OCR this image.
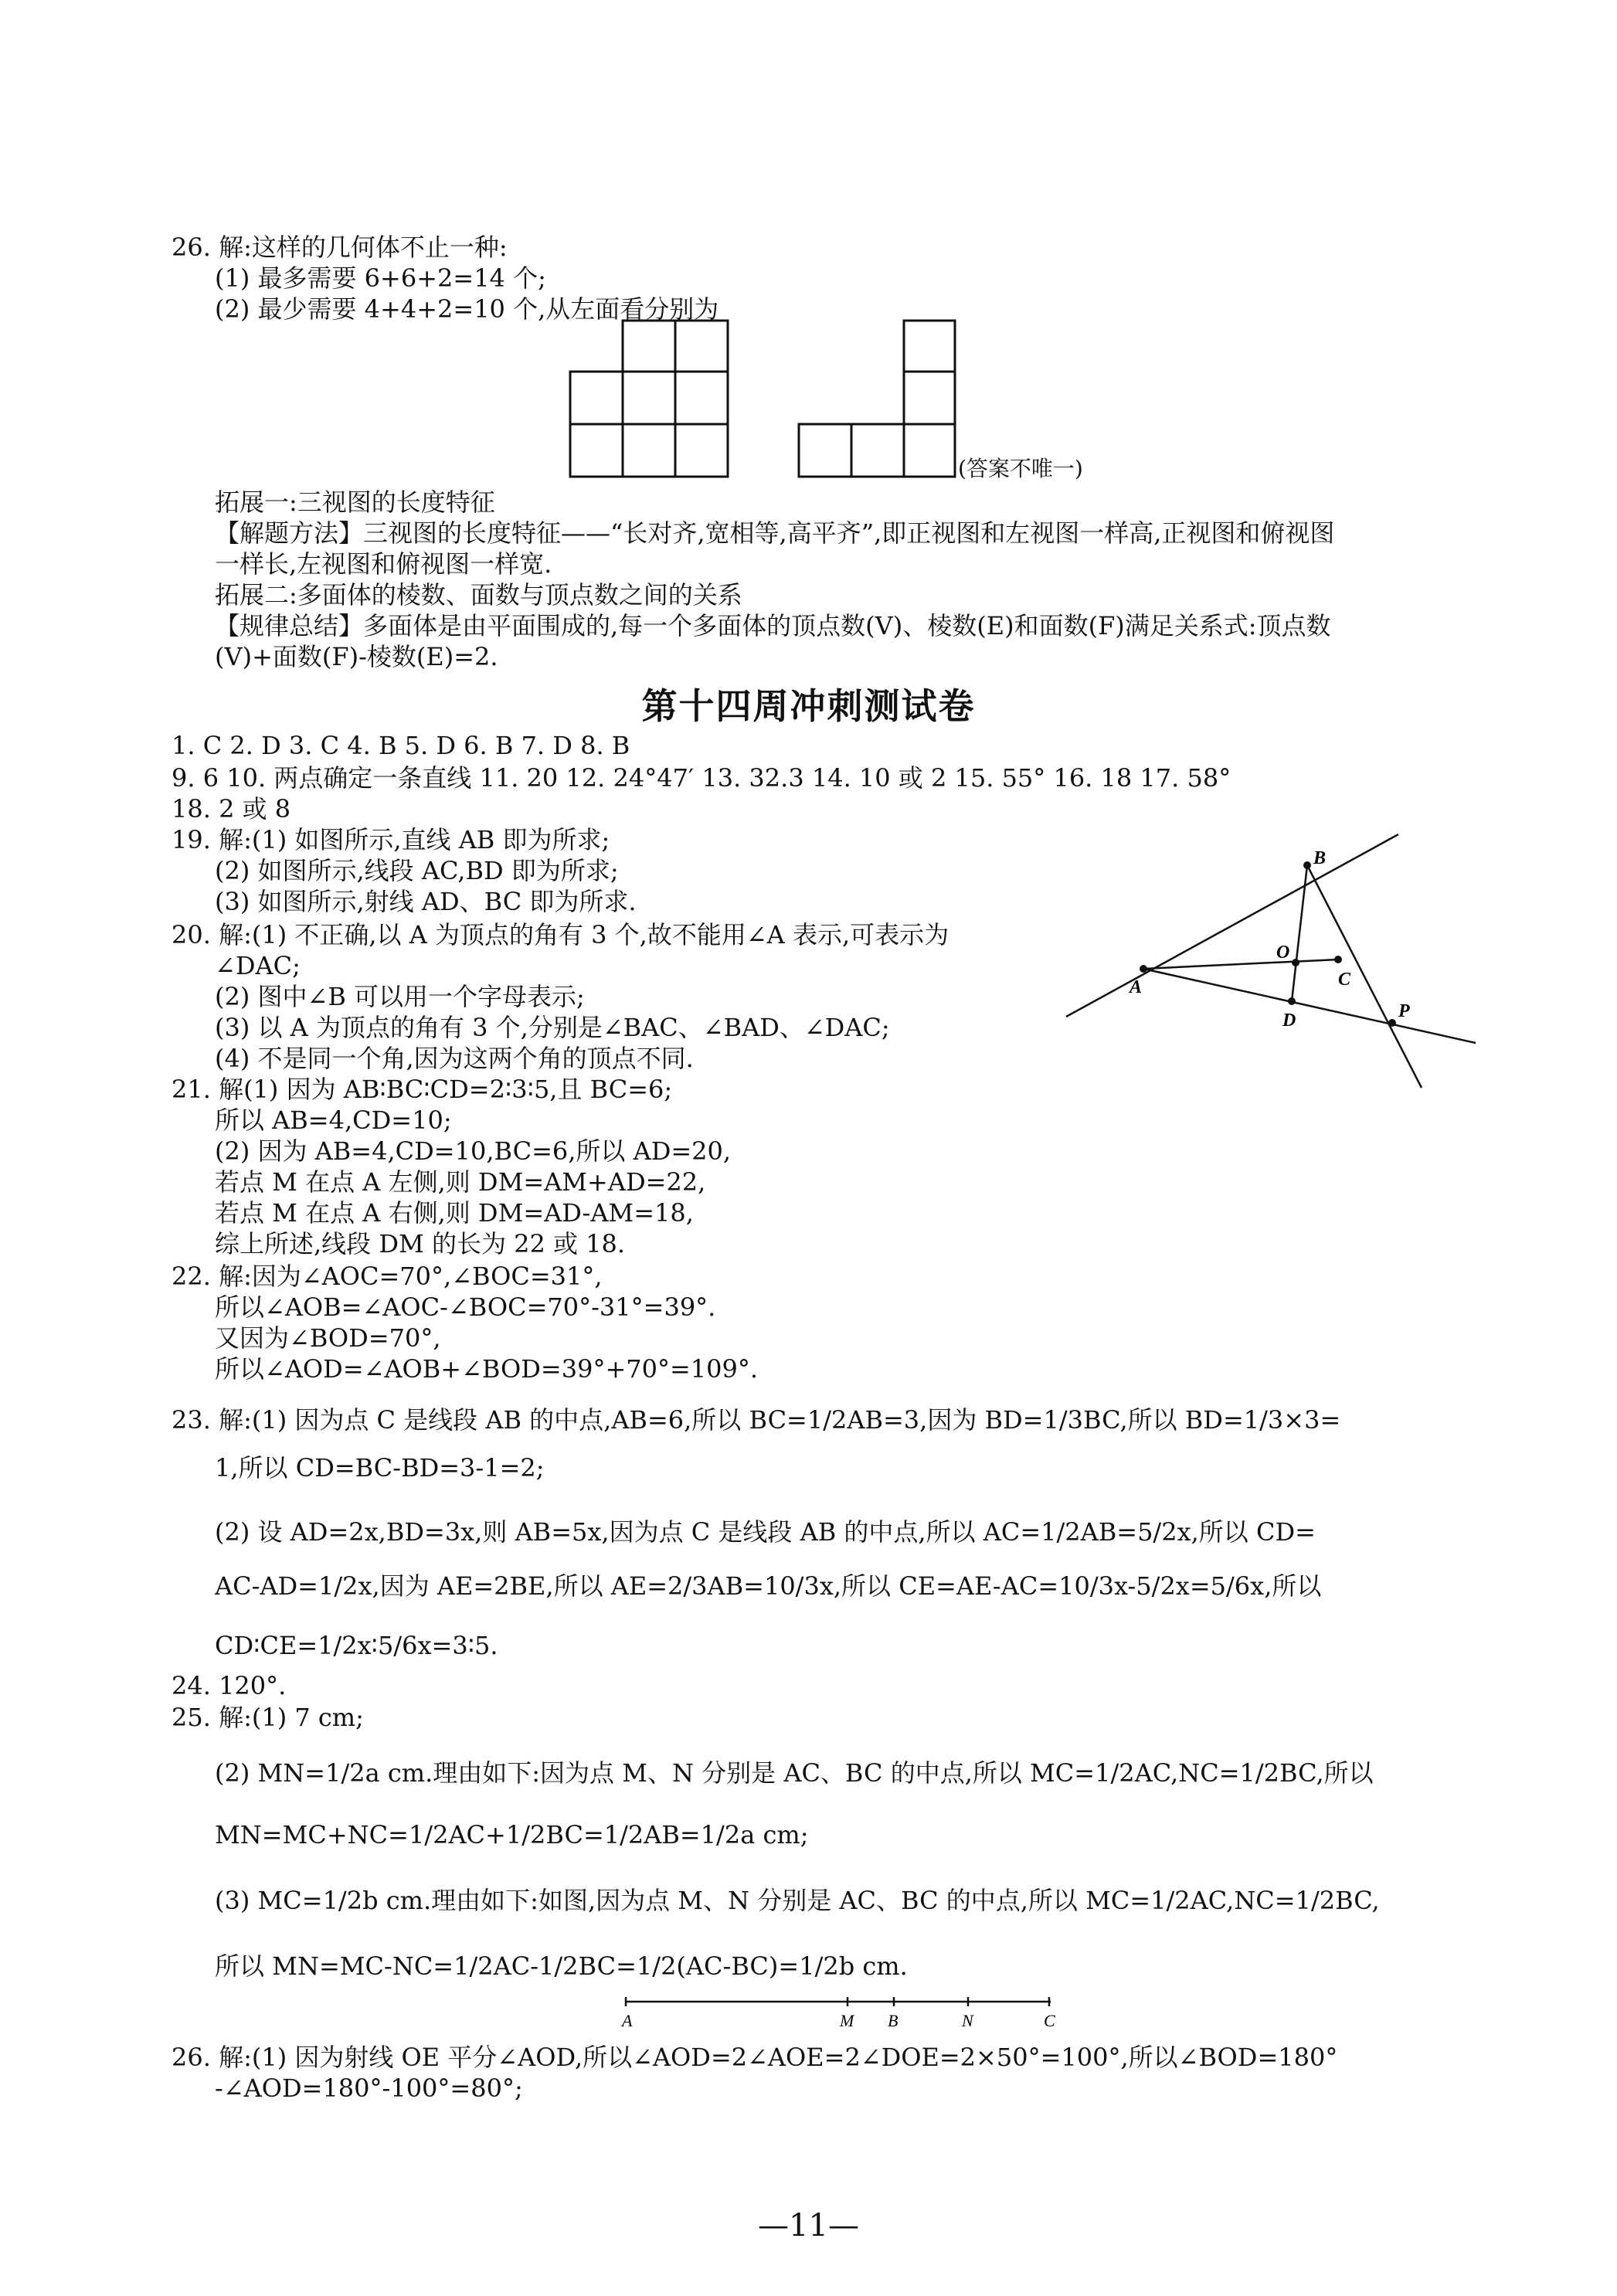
26. 解:这样的几何体不止一种:
(1) 最多需要 6+6+2=14 个;
(2) 最少需要 4+4+2=10 个,从左面看分别为
(答案不唯一)
拓展一:三视图的长度特征
【解题方法】三视图的长度特征——“长对齐,宽相等,高平齐”,即正视图和左视图一样高,正视图和俯视图
一样长,左视图和俯视图一样宽.
拓展二:多面体的棱数、面数与顶点数之间的关系
【规律总结】多面体是由平面围成的,每一个多面体的顶点数(V)、棱数(E)和面数(F)满足关系式:顶点数
(V)+面数(F)-棱数(E)=2.
第十四周冲刺测试卷
1. C 2. D 3. C 4. B 5. D 6. B 7. D 8. B
9. 6 10. 两点确定一条直线 11. 20 12. 24°47′ 13. 32.3 14. 10 或 2 15. 55° 16. 18 17. 58°
18. 2 或 8
19. 解:(1) 如图所示,直线 AB 即为所求;
(2) 如图所示,线段 AC,BD 即为所求;
(3) 如图所示,射线 AD、BC 即为所求.
20. 解:(1) 不正确,以 A 为顶点的角有 3 个,故不能用∠A 表示,可表示为
∠DAC;
(2) 图中∠B 可以用一个字母表示;
(3) 以 A 为顶点的角有 3 个,分别是∠BAC、∠BAD、∠DAC;
(4) 不是同一个角,因为这两个角的顶点不同.
A
B
C
D
O
P
21. 解(1) 因为 AB∶BC∶CD=2∶3∶5,且 BC=6;
所以 AB=4,CD=10;
(2) 因为 AB=4,CD=10,BC=6,所以 AD=20,
若点 M 在点 A 左侧,则 DM=AM+AD=22,
若点 M 在点 A 右侧,则 DM=AD-AM=18,
综上所述,线段 DM 的长为 22 或 18.
22. 解:因为∠AOC=70°,∠BOC=31°,
所以∠AOB=∠AOC-∠BOC=70°-31°=39°.
又因为∠BOD=70°,
所以∠AOD=∠AOB+∠BOD=39°+70°=109°.
23. 解:(1) 因为点 C 是线段 AB 的中点,AB=6,所以 BC=1/2AB=3,因为 BD=1/3BC,所以 BD=1/3×3=
1,所以 CD=BC-BD=3-1=2;
(2) 设 AD=2x,BD=3x,则 AB=5x,因为点 C 是线段 AB 的中点,所以 AC=1/2AB=5/2x,所以 CD=
AC-AD=1/2x,因为 AE=2BE,所以 AE=2/3AB=10/3x,所以 CE=AE-AC=10/3x-5/2x=5/6x,所以
CD∶CE=1/2x∶5/6x=3∶5.
24. 120°.
25. 解:(1) 7 cm;
(2) MN=1/2a cm.理由如下:因为点 M、N 分别是 AC、BC 的中点,所以 MC=1/2AC,NC=1/2BC,所以
MN=MC+NC=1/2AC+1/2BC=1/2AB=1/2a cm;
(3) MC=1/2b cm.理由如下:如图,因为点 M、N 分别是 AC、BC 的中点,所以 MC=1/2AC,NC=1/2BC,
所以 MN=MC-NC=1/2AC-1/2BC=1/2(AC-BC)=1/2b cm.
A	M B	N	C
26. 解:(1) 因为射线 OE 平分∠AOD,所以∠AOD=2∠AOE=2∠DOE=2×50°=100°,所以∠BOD=180°
-∠AOD=180°-100°=80°;
—11—
